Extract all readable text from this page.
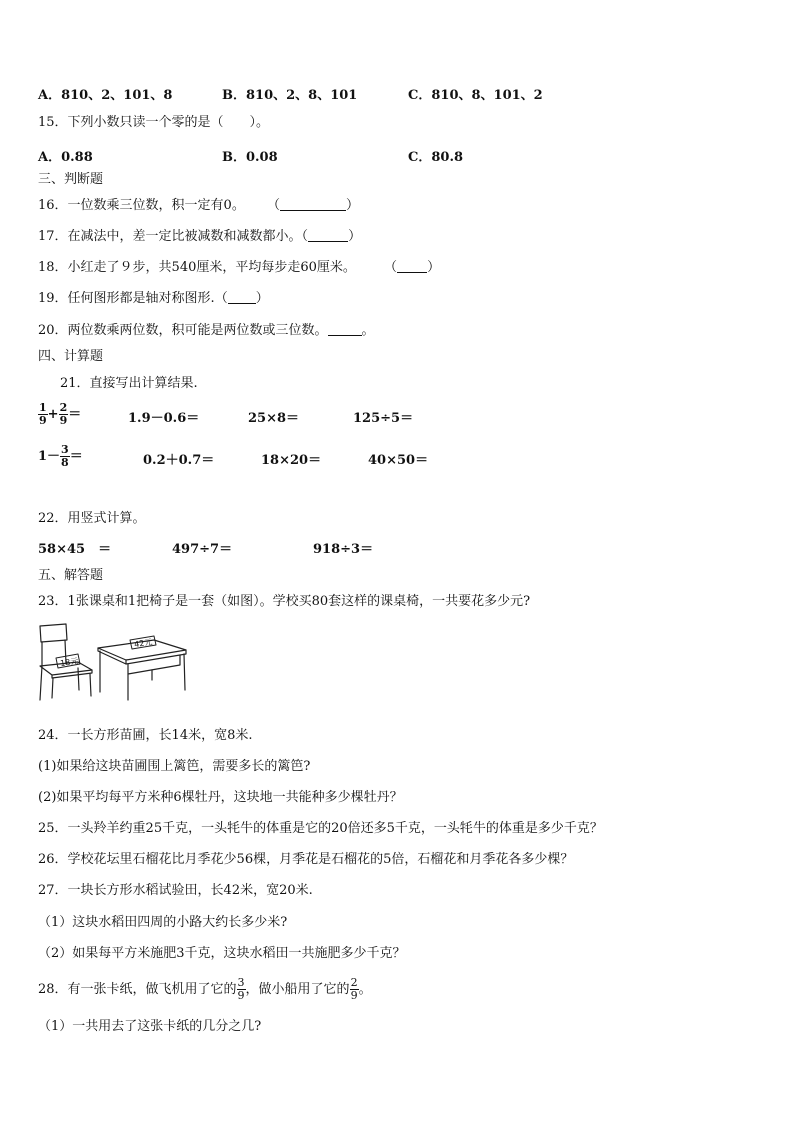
A．810、2、101、8	B．810、2、8、101	C．810、8、101、2
15．下列小数只读一个零的是（　　）。
A．0.88	B．0.08	C．80.8
三、判断题
16．一位数乘三位数，积一定有0。 （	）
17．在减法中，差一定比被减数和减数都小。（	）
18．小红走了９步，共540厘米，平均每步走60厘米。 （ ）
19．任何图形都是轴对称图形.（ ）
20．两位数乘两位数，积可能是两位数或三位数。	。
四、计算题
21．直接写出计算结果.
$\frac{1}{9} + \frac{2}{9}$ ＝	1.9－0.6＝	25×8＝	125÷5＝
$1- \frac{3}{8}$ ＝	0.2＋0.7＝	18×20＝	40×50＝
22．用竖式计算。
58×45　＝	497÷7＝	918÷3＝
五、解答题
23．1张课桌和1把椅子是一套（如图）。学校买80套这样的课桌椅，一共要花多少元?
18元
42元
24．一长方形苗圃，长14米，宽8米.
(1)如果给这块苗圃围上篱笆，需要多长的篱笆?
(2)如果平均每平方米种6棵牡丹，这块地一共能种多少棵牡丹？
25．一头羚羊约重25千克，一头牦牛的体重是它的20倍还多5千克，一头牦牛的体重是多少千克？
26．学校花坛里石榴花比月季花少56棵，月季花是石榴花的5倍，石榴花和月季花各多少棵？
27．一块长方形水稻试验田，长42米，宽20米.
（1）这块水稻田四周的小路大约长多少米?
（2）如果每平方米施肥3千克，这块水稻田一共施肥多少千克？
28．有一张卡纸，做飞机用了它的 $\frac{3}{9}$ ，做小船用了它的 $\frac{2}{9}$ 。
（1）一共用去了这张卡纸的几分之几?
